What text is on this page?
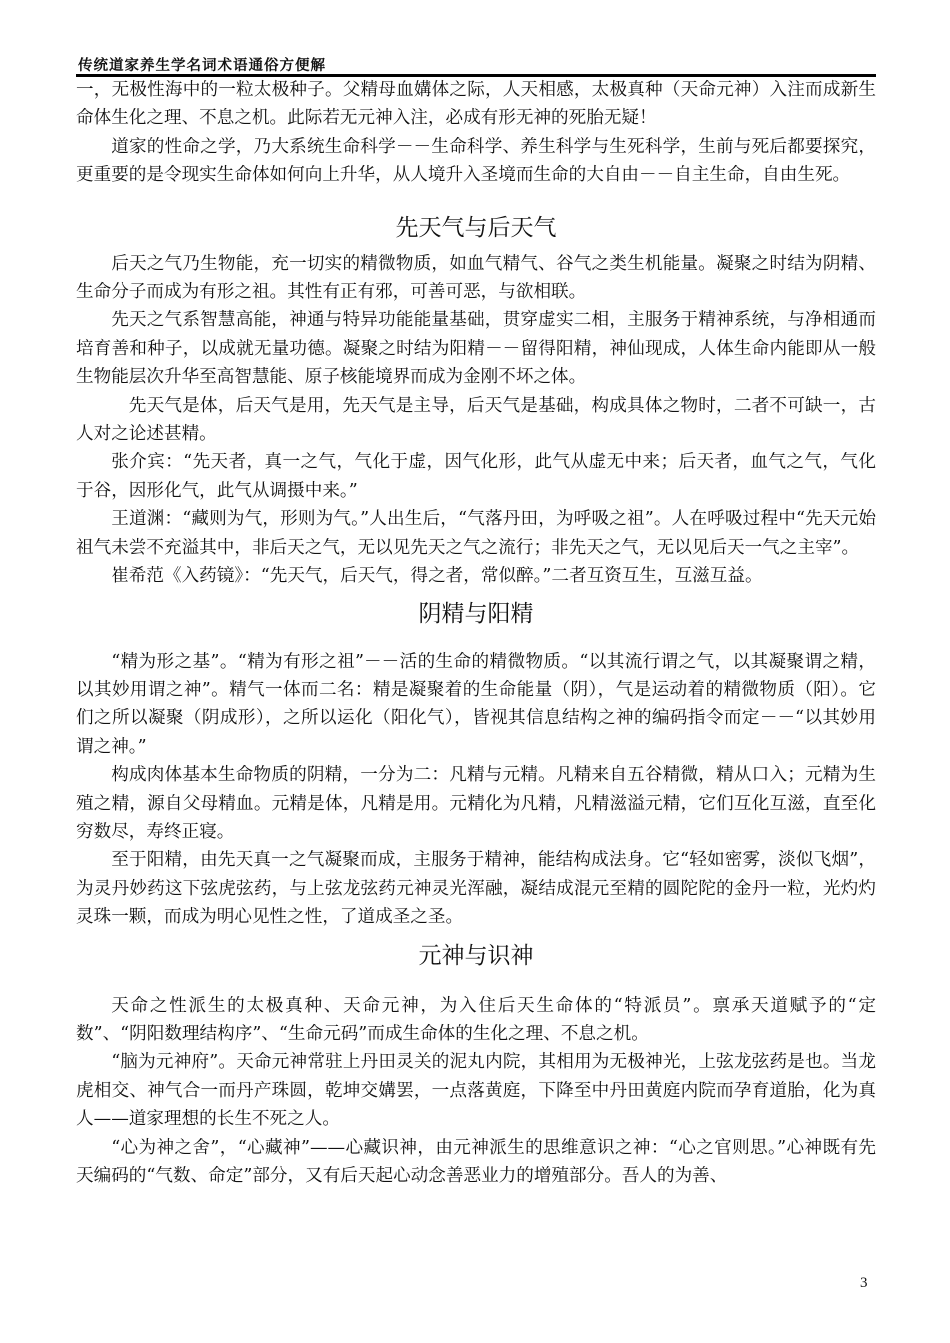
传统道家养生学名词术语通俗方便解

一，无极性海中的一粒太极种子。父精母血媾体之际，人天相感，太极真种（天命元神）入注而成新生命体生化之理、不息之机。此际若无元神入注，必成有形无神的死胎无疑！

道家的性命之学，乃大系统生命科学－－生命科学、养生科学与生死科学，生前与死后都要探究，更重要的是令现实生命体如何向上升华，从人境升入圣境而生命的大自由－－自主生命，自由生死。

先天气与后天气

后天之气乃生物能，充一切实的精微物质，如血气精气、谷气之类生机能量。凝聚之时结为阴精、生命分子而成为有形之祖。其性有正有邪，可善可恶，与欲相联。

先天之气系智慧高能，神通与特异功能能量基础，贯穿虚实二相，主服务于精神系统，与净相通而培育善和种子，以成就无量功德。凝聚之时结为阳精－－留得阳精，神仙现成，人体生命内能即从一般生物能层次升华至高智慧能、原子核能境界而成为金刚不坏之体。

先天气是体，后天气是用，先天气是主导，后天气是基础，构成具体之物时，二者不可缺一，古人对之论述甚精。

张介宾：“先天者，真一之气，气化于虚，因气化形，此气从虚无中来；后天者，血气之气，气化于谷，因形化气，此气从调摄中来。”

王道渊：“藏则为气，形则为气。”人出生后，“气落丹田，为呼吸之祖”。人在呼吸过程中“先天元始祖气未尝不充溢其中，非后天之气，无以见先天之气之流行；非先天之气，无以见后天一气之主宰”。

崔希范《入药镜》：“先天气，后天气，得之者，常似醉。”二者互资互生，互滋互益。

阴精与阳精

“精为形之基”。“精为有形之祖”－－活的生命的精微物质。“以其流行谓之气，以其凝聚谓之精，以其妙用谓之神”。精气一体而二名：精是凝聚着的生命能量（阴），气是运动着的精微物质（阳）。它们之所以凝聚（阴成形），之所以运化（阳化气），皆视其信息结构之神的编码指令而定－－“以其妙用谓之神。”

构成肉体基本生命物质的阴精，一分为二：凡精与元精。凡精来自五谷精微，精从口入；元精为生殖之精，源自父母精血。元精是体，凡精是用。元精化为凡精，凡精滋溢元精，它们互化互滋，直至化穷数尽，寿终正寝。

至于阳精，由先天真一之气凝聚而成，主服务于精神，能结构成法身。它“轻如密雾，淡似飞烟”，为灵丹妙药这下弦虎弦药，与上弦龙弦药元神灵光浑融，凝结成混元至精的圆陀陀的金丹一粒，光灼灼灵珠一颗，而成为明心见性之性，了道成圣之圣。

元神与识神

天命之性派生的太极真种、天命元神，为入住后天生命体的“特派员”。禀承天道赋予的“定数”、“阴阳数理结构序”、“生命元码”而成生命体的生化之理、不息之机。

“脑为元神府”。天命元神常驻上丹田灵关的泥丸内院，其相用为无极神光，上弦龙弦药是也。当龙虎相交、神气合一而丹产珠圆，乾坤交媾罢，一点落黄庭，下降至中丹田黄庭内院而孕育道胎，化为真人——道家理想的长生不死之人。

“心为神之舍”，“心藏神”——心藏识神，由元神派生的思维意识之神：“心之官则思。”心神既有先天编码的“气数、命定”部分，又有后天起心动念善恶业力的增殖部分。吾人的为善、

3
